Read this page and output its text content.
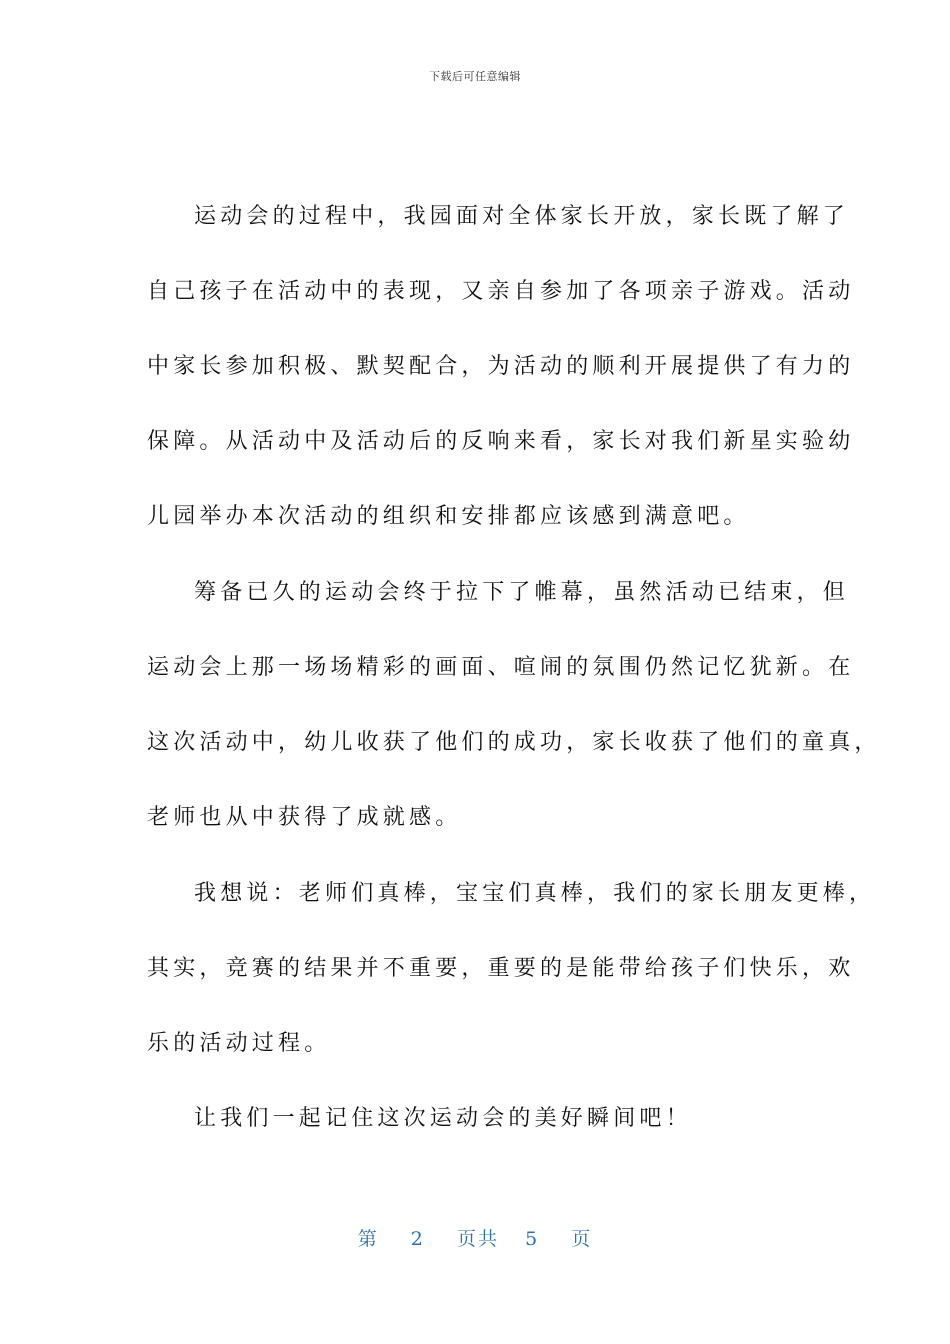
下载后可任意编辑
运动会的过程中，我园面对全体家长开放，家长既了解了
自己孩子在活动中的表现，又亲自参加了各项亲子游戏。活动
中家长参加积极、默契配合，为活动的顺利开展提供了有力的
保障。从活动中及活动后的反响来看，家长对我们新星实验幼
儿园举办本次活动的组织和安排都应该感到满意吧。
筹备已久的运动会终于拉下了帷幕，虽然活动已结束，但
运动会上那一场场精彩的画面、喧闹的氛围仍然记忆犹新。在
这次活动中，幼儿收获了他们的成功，家长收获了他们的童真，
老师也从中获得了成就感。
我想说：老师们真棒，宝宝们真棒，我们的家长朋友更棒，
其实，竞赛的结果并不重要，重要的是能带给孩子们快乐，欢
乐的活动过程。
让我们一起记住这次运动会的美好瞬间吧！
第 2 页共 5 页
